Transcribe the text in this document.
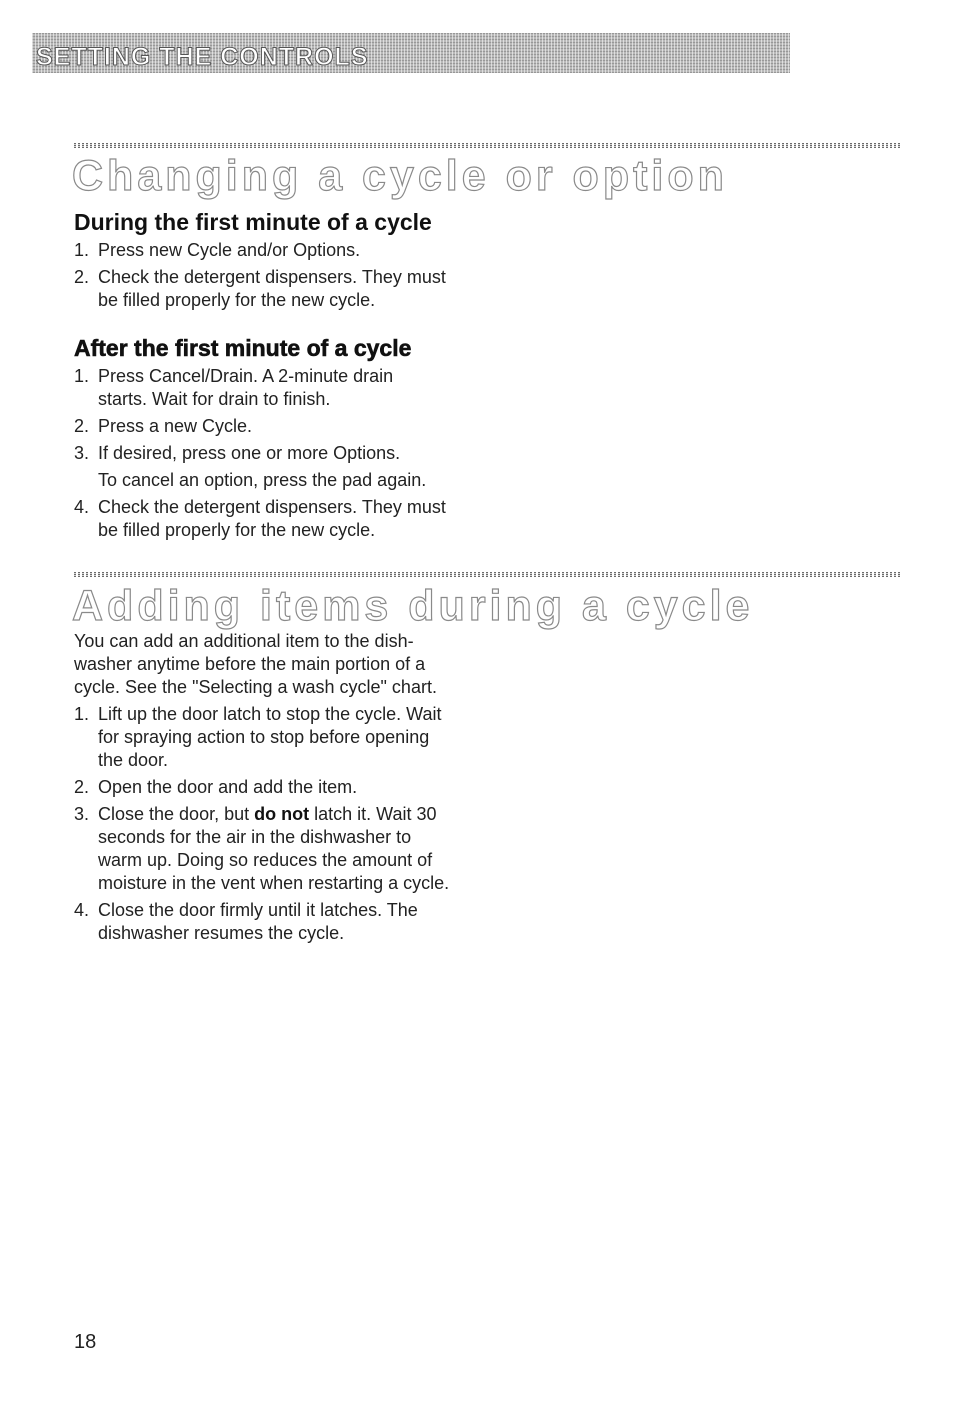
SETTING THE CONTROLS
Changing a cycle or option
During the first minute of a cycle
1. Press new Cycle and/or Options.
2. Check the detergent dispensers. They must be filled properly for the new cycle.
After the first minute of a cycle
1. Press Cancel/Drain. A 2-minute drain starts. Wait for drain to finish.
2. Press a new Cycle.
3. If desired, press one or more Options.
To cancel an option, press the pad again.
4. Check the detergent dispensers. They must be filled properly for the new cycle.
Adding items during a cycle
You can add an additional item to the dish-washer anytime before the main portion of a cycle. See the "Selecting a wash cycle" chart.
1. Lift up the door latch to stop the cycle. Wait for spraying action to stop before opening the door.
2. Open the door and add the item.
3. Close the door, but do not latch it. Wait 30 seconds for the air in the dishwasher to warm up. Doing so reduces the amount of moisture in the vent when restarting a cycle.
4. Close the door firmly until it latches. The dishwasher resumes the cycle.
18
